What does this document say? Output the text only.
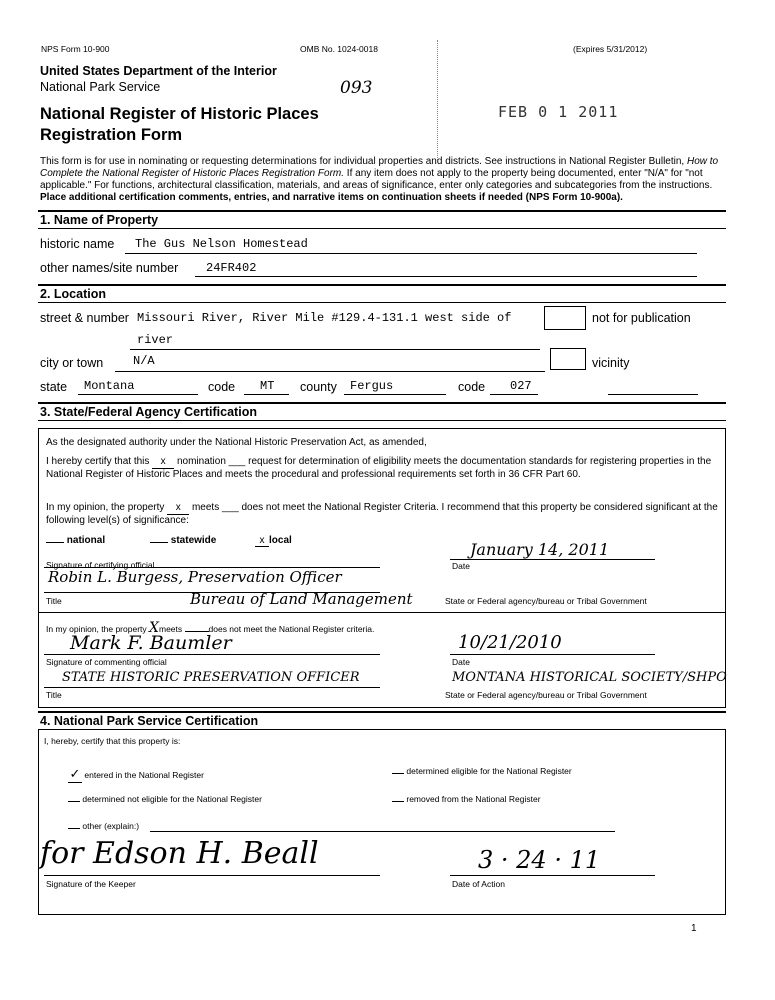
NPS Form 10-900	OMB No. 1024-0018	(Expires 5/31/2012)
United States Department of the Interior
National Park Service	093
National Register of Historic Places
Registration Form
FEB 0 1 2011
This form is for use in nominating or requesting determinations for individual properties and districts. See instructions in National Register Bulletin, How to Complete the National Register of Historic Places Registration Form. If any item does not apply to the property being documented, enter "N/A" for "not applicable." For functions, architectural classification, materials, and areas of significance, enter only categories and subcategories from the instructions. Place additional certification comments, entries, and narrative items on continuation sheets if needed (NPS Form 10-900a).
1. Name of Property
historic name The Gus Nelson Homestead
other names/site number 24FR402
2. Location
street & number Missouri River, River Mile #129.4-131.1 west side of
river
not for publication
city or town N/A	vicinity
state Montana	code MT county Fergus	code 027
3. State/Federal Agency Certification
As the designated authority under the National Historic Preservation Act, as amended,
I hereby certify that this x nomination ___ request for determination of eligibility meets the documentation standards for registering properties in the National Register of Historic Places and meets the procedural and professional requirements set forth in 36 CFR Part 60.
In my opinion, the property x meets ___ does not meet the National Register Criteria. I recommend that this property be considered significant at the following level(s) of significance:
national	statewide	x local
Robin L. Burgess, Preservation Officer
Signature of certifying official
January 14, 2011
Date
Title	Bureau of Land Management	State or Federal agency/bureau or Tribal Government
In my opinion, the property Xmeets	does not meet the National Register criteria.
Mark F. Baumler
Signature of commenting official
10/21/2010
Date
STATE HISTORIC PRESERVATION OFFICER
Title
MONTANA HISTORICAL SOCIETY/SHPO
State or Federal agency/bureau or Tribal Government
4. National Park Service Certification
I, hereby, certify that this property is:
✓ entered in the National Register	determined eligible for the National Register
determined not eligible for the National Register	removed from the National Register
other (explain:)
for Edson H. Beall
Signature of the Keeper
3 · 24 · 11
Date of Action
1
